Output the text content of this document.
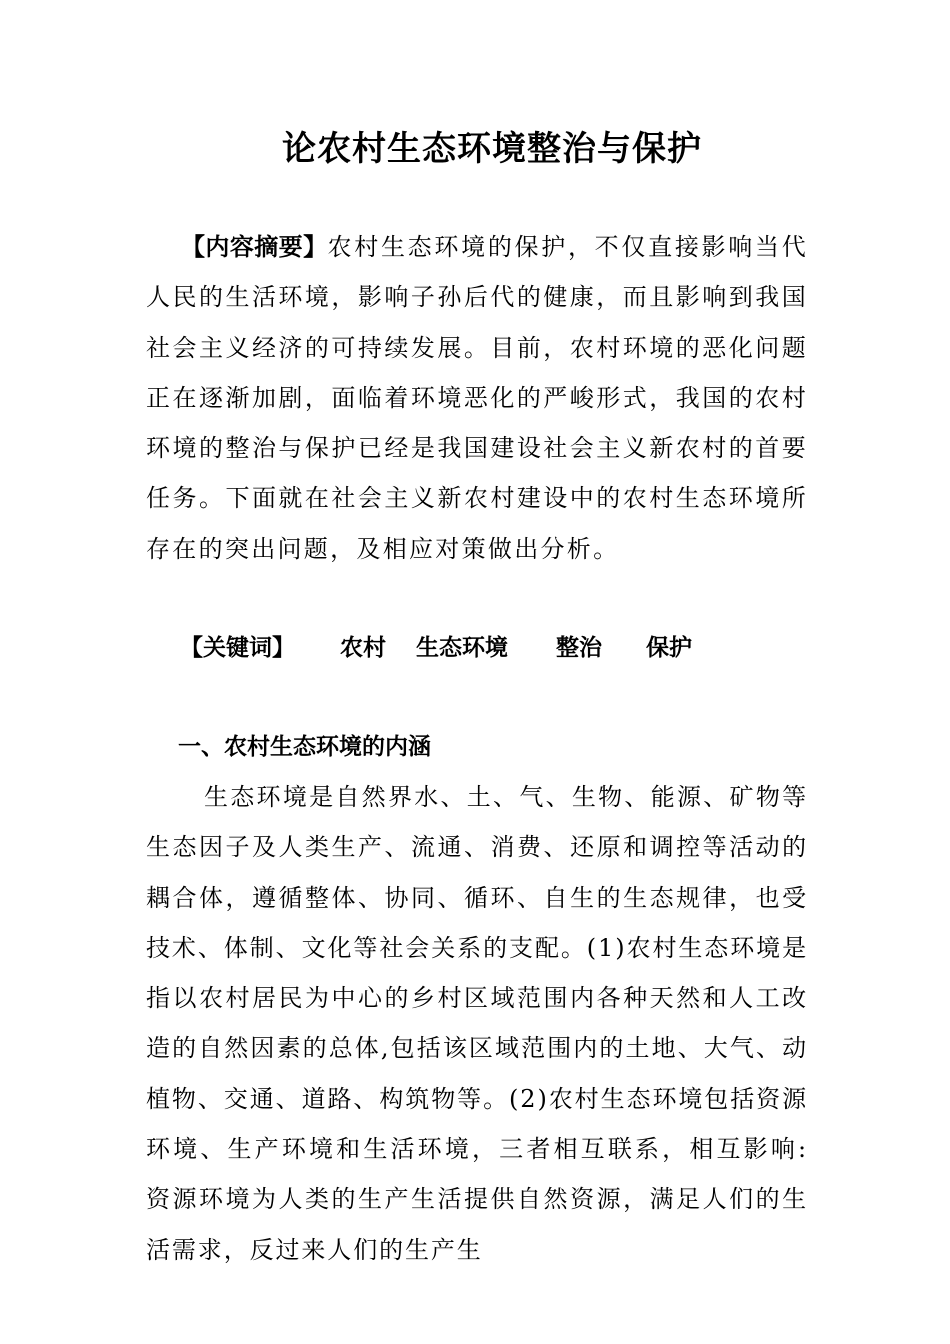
论农村生态环境整治与保护
【内容摘要】农村生态环境的保护，不仅直接影响当代人民的生活环境，影响子孙后代的健康，而且影响到我国社会主义经济的可持续发展。目前，农村环境的恶化问题正在逐渐加剧，面临着环境恶化的严峻形式，我国的农村环境的整治与保护已经是我国建设社会主义新农村的首要任务。下面就在社会主义新农村建设中的农村生态环境所存在的突出问题，及相应对策做出分析。
【关键词】 农村 生态环境 整治 保护
一、农村生态环境的内涵
生态环境是自然界水、土、气、生物、能源、矿物等生态因子及人类生产、流通、消费、还原和调控等活动的耦合体，遵循整体、协同、循环、自生的生态规律，也受技术、体制、文化等社会关系的支配。(1)农村生态环境是指以农村居民为中心的乡村区域范围内各种天然和人工改造的自然因素的总体,包括该区域范围内的土地、大气、动植物、交通、道路、构筑物等。(2)农村生态环境包括资源环境、生产环境和生活环境，三者相互联系，相互影响: 资源环境为人类的生产生活提供自然资源，满足人们的生活需求，反过来人们的生产生
